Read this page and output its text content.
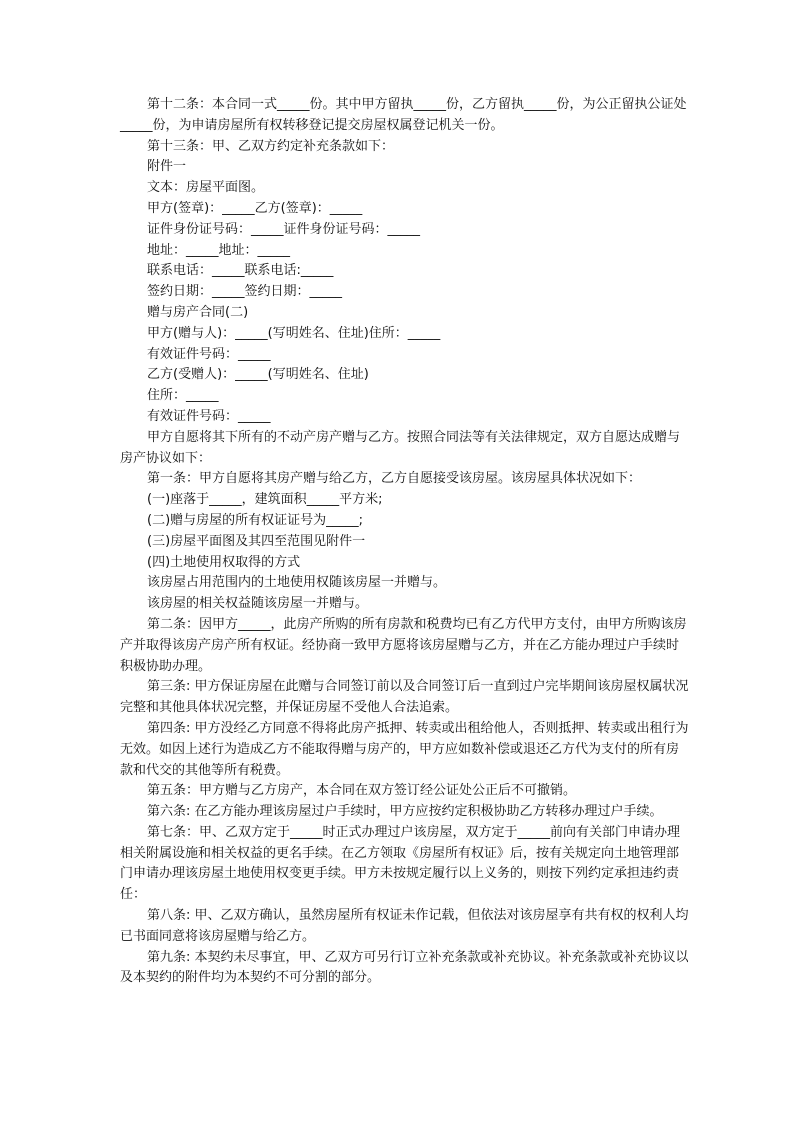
第十二条：本合同一式_____份。其中甲方留执_____份，乙方留执_____份，为公正留执公证处_____份，为申请房屋所有权转移登记提交房屋权属登记机关一份。

第十三条：甲、乙双方约定补充条款如下：

附件一

文本：房屋平面图。

甲方(签章)：_____乙方(签章)：_____

证件身份证号码：_____证件身份证号码：_____

地址：_____地址：_____

联系电话：_____联系电话:_____

签约日期：_____签约日期：_____

赠与房产合同(二)

甲方(赠与人)：_____(写明姓名、住址)住所：_____

有效证件号码：_____

乙方(受赠人)：_____(写明姓名、住址)

住所：_____

有效证件号码：_____

甲方自愿将其下所有的不动产房产赠与乙方。按照合同法等有关法律规定，双方自愿达成赠与房产协议如下：

第一条：甲方自愿将其房产赠与给乙方，乙方自愿接受该房屋。该房屋具体状况如下：

(一)座落于_____，建筑面积_____平方米;

(二)赠与房屋的所有权证证号为_____;

(三)房屋平面图及其四至范围见附件一

(四)土地使用权取得的方式

该房屋占用范围内的土地使用权随该房屋一并赠与。

该房屋的相关权益随该房屋一并赠与。

第二条：因甲方_____，此房产所购的所有房款和税费均已有乙方代甲方支付，由甲方所购该房产并取得该房产房产所有权证。经协商一致甲方愿将该房屋赠与乙方，并在乙方能办理过户手续时积极协助办理。

第三条: 甲方保证房屋在此赠与合同签订前以及合同签订后一直到过户完毕期间该房屋权属状况完整和其他具体状况完整，并保证房屋不受他人合法追索。

第四条: 甲方没经乙方同意不得将此房产抵押、转卖或出租给他人，否则抵押、转卖或出租行为无效。如因上述行为造成乙方不能取得赠与房产的，甲方应如数补偿或退还乙方代为支付的所有房款和代交的其他等所有税费。

第五条：甲方赠与乙方房产，本合同在双方签订经公证处公正后不可撤销。

第六条: 在乙方能办理该房屋过户手续时，甲方应按约定积极协助乙方转移办理过户手续。

第七条：甲、乙双方定于_____时正式办理过户该房屋，双方定于_____前向有关部门申请办理相关附属设施和相关权益的更名手续。在乙方领取《房屋所有权证》后，按有关规定向土地管理部门申请办理该房屋土地使用权变更手续。甲方未按规定履行以上义务的，则按下列约定承担违约责任：

第八条: 甲、乙双方确认，虽然房屋所有权证未作记载，但依法对该房屋享有共有权的权利人均已书面同意将该房屋赠与给乙方。

第九条: 本契约未尽事宜，甲、乙双方可另行订立补充条款或补充协议。补充条款或补充协议以及本契约的附件均为本契约不可分割的部分。
